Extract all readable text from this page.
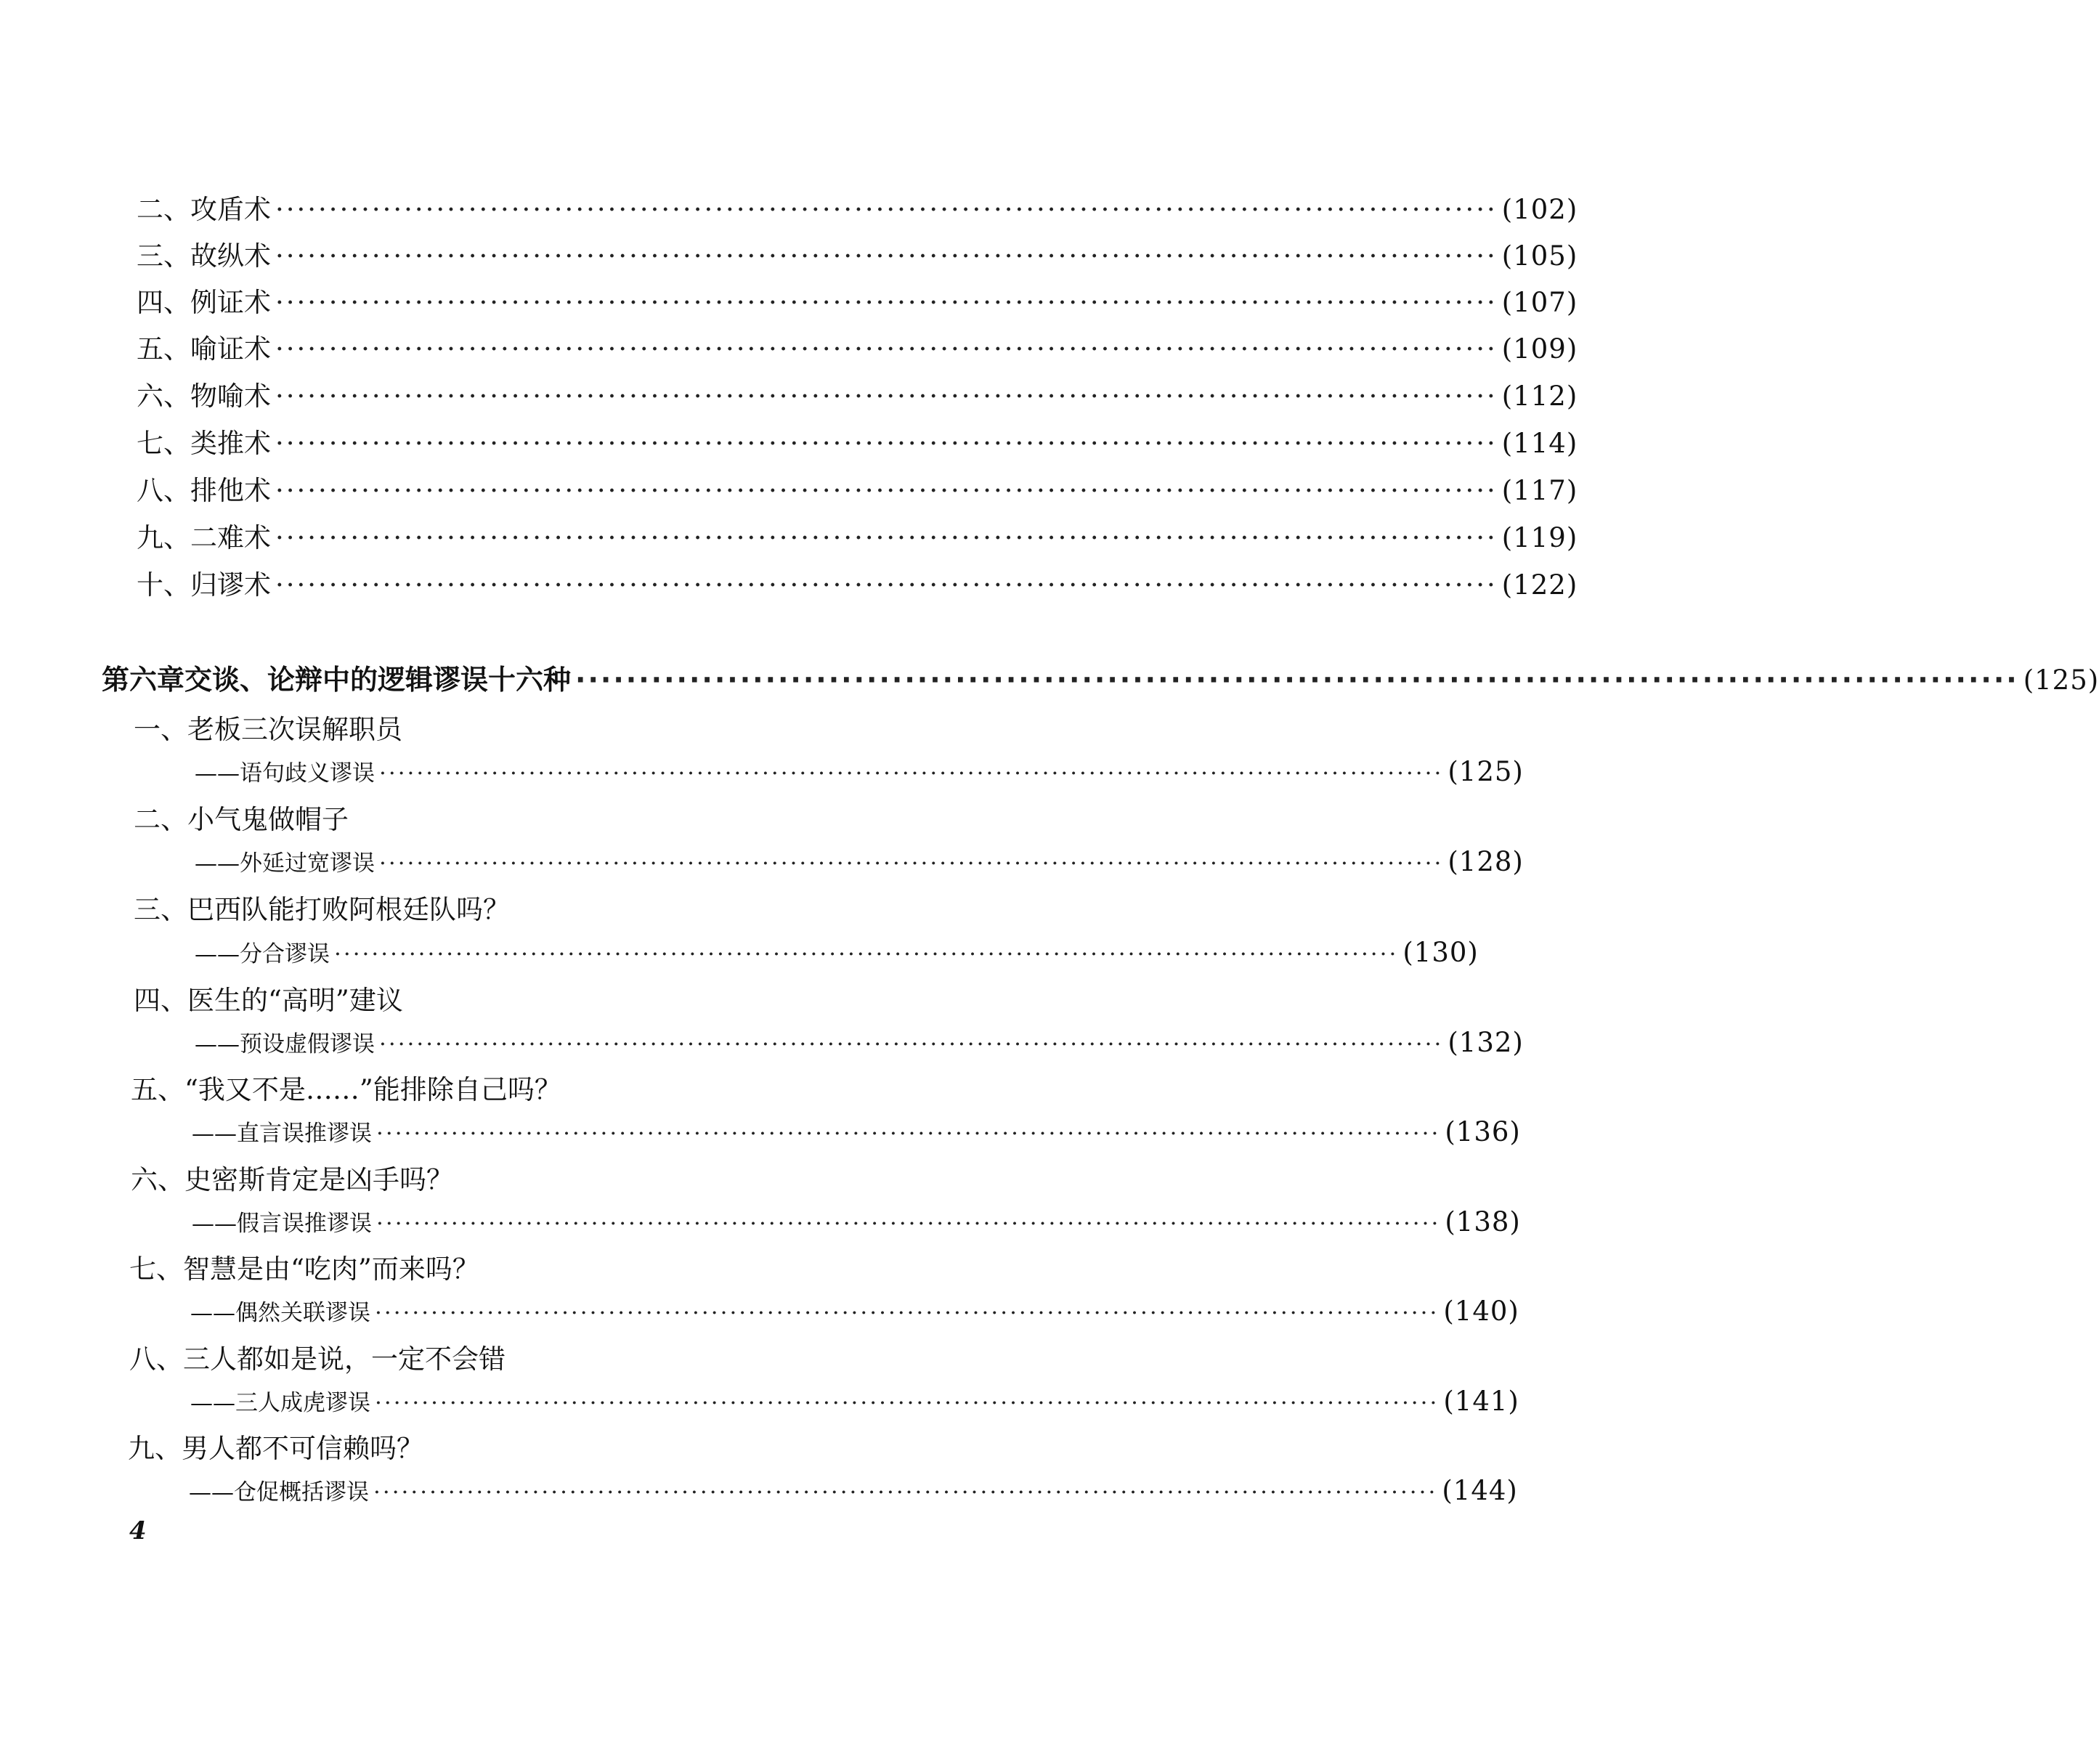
二、 攻盾术 ·················································································································· (102)
三、 故纵术 ·················································································································· (105)
四、 例证术 ·················································································································· (107)
五、 喻证术 ·················································································································· (109)
六、 物喻术 ·················································································································· (112)
七、 类推术 ·················································································································· (114)
八、 排他术 ·················································································································· (117)
九、 二难术 ·················································································································· (119)
十、 归谬术 ·················································································································· (122)
第六章 交谈、论辩中的逻辑谬误十六种 ·················································································································· (125)
一、 老板三次误解职员
——语句歧义谬误 ·················································································································· (125)
二、 小气鬼做帽子
——外延过宽谬误 ·················································································································· (128)
三、 巴西队能打败阿根廷队吗？
——分合谬误 ·················································································································· (130)
四、 医生的“高明”建议
——预设虚假谬误 ·················································································································· (132)
五、 “我又不是……”能排除自己吗？
——直言误推谬误 ·················································································································· (136)
六、 史密斯肯定是凶手吗？
——假言误推谬误 ·················································································································· (138)
七、 智慧是由“吃肉”而来吗？
——偶然关联谬误 ·················································································································· (140)
八、 三人都如是说，一定不会错
——三人成虎谬误 ·················································································································· (141)
九、 男人都不可信赖吗？
——仓促概括谬误 ·················································································································· (144)
4
